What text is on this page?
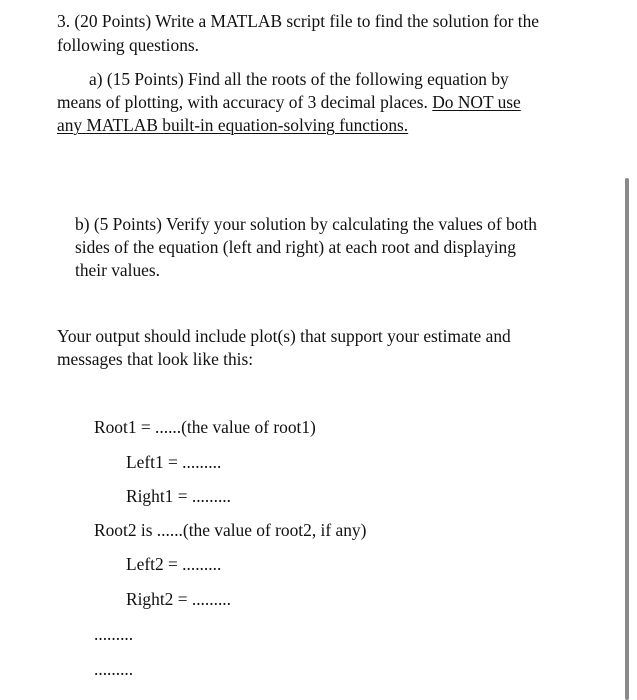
3. (20 Points) Write a MATLAB script file to find the solution for the
following questions.
a) (15 Points) Find all the roots of the following equation by
means of plotting, with accuracy of 3 decimal places. Do NOT use
any MATLAB built-in equation-solving functions.
b) (5 Points) Verify your solution by calculating the values of both
sides of the equation (left and right) at each root and displaying
their values.
Your output should include plot(s) that support your estimate and
messages that look like this:
Root1 = ......(the value of root1)
Left1 = .........
Right1 = .........
Root2 is ......(the value of root2, if any)
Left2 = .........
Right2 = .........
.........
.........
